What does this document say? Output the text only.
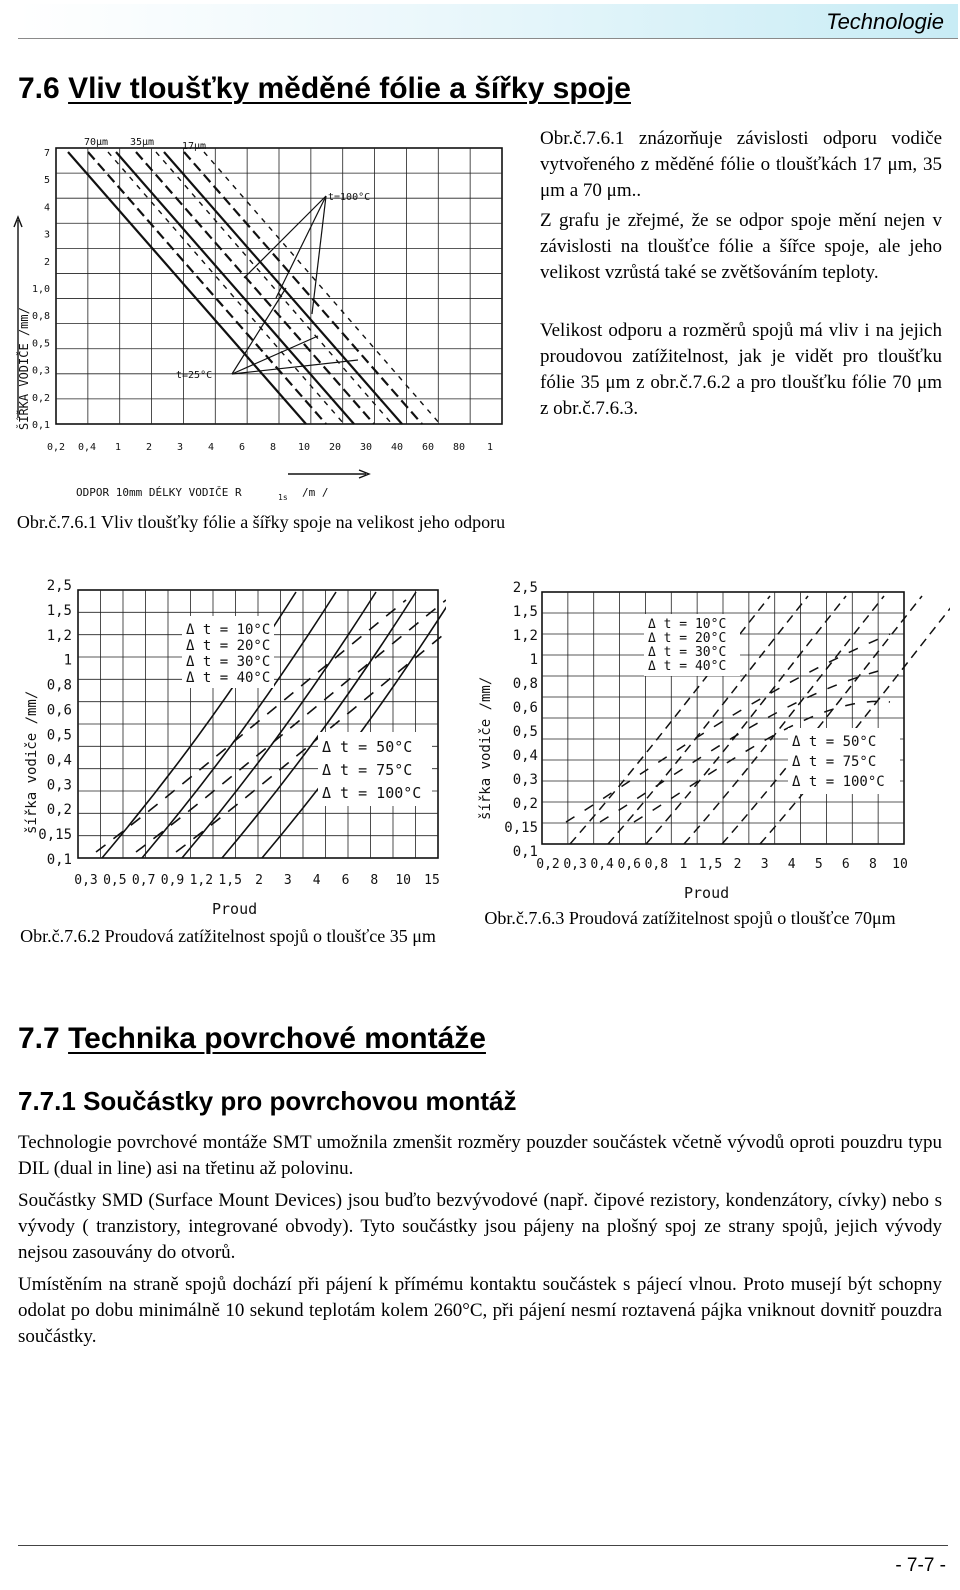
Technologie
7.6 Vliv tloušťky měděné fólie a šířky spoje
Obr.č.7.6.1 znázorňuje závislosti odporu vodiče vytvořeného z měděné fólie o tloušťkách 17 μm, 35 μm a 70 μm..
Z grafu je zřejmé, že se odpor spoje mění nejen v závislosti na tloušťce fólie a šířce spoje, ale jeho velikost vzrůstá také se zvětšováním teploty.
Velikost odporu a rozměrů spojů má vliv i na jejich proudovou zatížitelnost, jak je vidět pro tloušťku fólie 35 μm z obr.č.7.6.2 a pro tloušťku fólie 70 μm z obr.č.7.6.3.
70μm 35μm	17μm
t=100°C
t=25°C
7
5
4
3
2
1,0
0,8
0,5
0,3
0,2
0,1
0,2 0,4 1 2 3 4 6 8 10 20 30 40 60 80 1
ŠÍŘKA VODIČE /mm/
ODPOR 10mm DÉLKY VODIČE R	1s /m /
Obr.č.7.6.1 Vliv tloušťky fólie a šířky spoje na velikost jeho odporu
2,5
1,5
1,2
1
0,8
0,6
0,5
0,4
0,3
0,2
0,15
0,1
0,3 0,5 0,7 0,9 1,2 1,5 2 3 4 6 8 10 15
Δ t = 10°C
Δ t = 20°C
Δ t = 30°C
Δ t = 40°C
Δ t = 50°C
Δ t = 75°C
Δ t = 100°C
šířka vodiče /mm/
Proud
2,5
1,5
1,2
1
0,8
0,6
0,5
0,4
0,3
0,2
0,15
0,1
0,2 0,3 0,4 0,6 0,8 1 1,5 2 3 4 5 6 8 10
Δ t = 10°C
Δ t = 20°C
Δ t = 30°C
Δ t = 40°C
Δ t = 50°C
Δ t = 75°C
Δ t = 100°C
šířka vodiče /mm/
Proud
Obr.č.7.6.2 Proudová zatížitelnost spojů o tloušťce 35 μm
Obr.č.7.6.3 Proudová zatížitelnost spojů o tloušťce 70μm
7.7 Technika povrchové montáže
7.7.1 Součástky pro povrchovou montáž
Technologie povrchové montáže SMT umožnila zmenšit rozměry pouzder součástek včetně vývodů oproti pouzdru typu DIL (dual in line) asi na třetinu až polovinu.
Součástky SMD (Surface Mount Devices) jsou buďto bezvývodové (např. čipové rezistory, kondenzátory, cívky) nebo s vývody ( tranzistory, integrované obvody). Tyto součástky jsou pájeny na plošný spoj ze strany spojů, jejich vývody nejsou zasouvány do otvorů.
Umístěním na straně spojů dochází při pájení k přímému kontaktu součástek s pájecí vlnou. Proto musejí být schopny odolat po dobu minimálně 10 sekund teplotám kolem 260°C, při pájení nesmí roztavená pájka vniknout dovnitř pouzdra součástky.
- 7-7 -
